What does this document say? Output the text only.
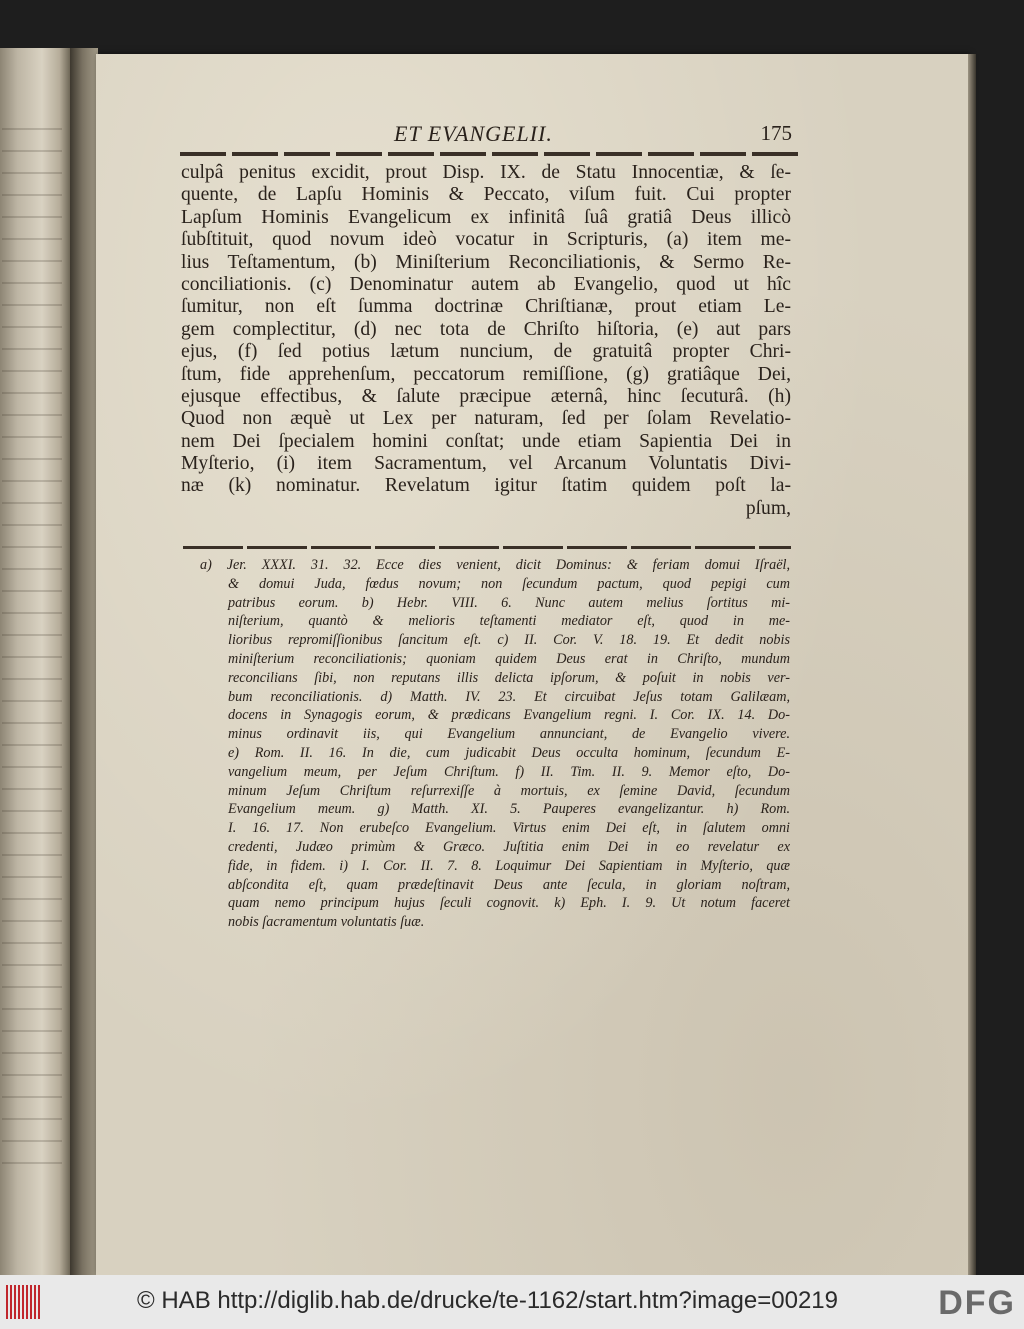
ET EVANGELII.	175
culpâ penitus excidit, prout Disp. IX. de Statu Innocentiæ, & ſe-
quente, de Lapſu Hominis & Peccato, viſum fuit. Cui propter
Lapſum Hominis Evangelicum ex infinitâ ſuâ gratiâ Deus illicò
ſubſtituit, quod novum ideò vocatur in Scripturis, (a) item me-
lius Teſtamentum, (b) Miniſterium Reconciliationis, & Sermo Re-
conciliationis. (c) Denominatur autem ab Evangelio, quod ut hîc
ſumitur, non eſt ſumma doctrinæ Chriſtianæ, prout etiam Le-
gem complectitur, (d) nec tota de Chriſto hiſtoria, (e) aut pars
ejus, (f) ſed potius lætum nuncium, de gratuitâ propter Chri-
ſtum, fide apprehenſum, peccatorum remiſſione, (g) gratiâque Dei,
ejusque effectibus, & ſalute præcipue æternâ, hinc ſecuturâ. (h)
Quod non æquè ut Lex per naturam, ſed per ſolam Revelatio-
nem Dei ſpecialem homini conſtat; unde etiam Sapientia Dei in
Myſterio, (i) item Sacramentum, vel Arcanum Voluntatis Divi-
næ (k) nominatur. Revelatum igitur ſtatim quidem poſt la-
pſum,
a) Jer. XXXI. 31. 32. Ecce dies venient, dicit Dominus: & feriam domui Iſraël,
& domui Juda, fœdus novum; non ſecundum pactum, quod pepigi cum
patribus eorum. b) Hebr. VIII. 6. Nunc autem melius ſortitus mi-
niſterium, quantò & melioris teſtamenti mediator eſt, quod in me-
lioribus repromiſſionibus ſancitum eſt. c) II. Cor. V. 18. 19. Et dedit nobis
miniſterium reconciliationis; quoniam quidem Deus erat in Chriſto, mundum
reconcilians ſibi, non reputans illis delicta ipſorum, & poſuit in nobis ver-
bum reconciliationis. d) Matth. IV. 23. Et circuibat Jeſus totam Galilæam,
docens in Synagogis eorum, & prædicans Evangelium regni. I. Cor. IX. 14. Do-
minus ordinavit iis, qui Evangelium annunciant, de Evangelio vivere.
e) Rom. II. 16. In die, cum judicabit Deus occulta hominum, ſecundum E-
vangelium meum, per Jeſum Chriſtum. f) II. Tim. II. 9. Memor eſto, Do-
minum Jeſum Chriſtum reſurrexiſſe à mortuis, ex ſemine David, ſecundum
Evangelium meum. g) Matth. XI. 5. Pauperes evangelizantur. h) Rom.
I. 16. 17. Non erubeſco Evangelium. Virtus enim Dei eſt, in ſalutem omni
credenti, Judæo primùm & Græco. Juſtitia enim Dei in eo revelatur ex
fide, in fidem. i) I. Cor. II. 7. 8. Loquimur Dei Sapientiam in Myſterio, quæ
abſcondita eſt, quam prædeſtinavit Deus ante ſecula, in gloriam noſtram,
quam nemo principum hujus ſeculi cognovit. k) Eph. I. 9. Ut notum faceret
nobis ſacramentum voluntatis ſuæ.
© HAB http://diglib.hab.de/drucke/te-1162/start.htm?image=00219	DFG
